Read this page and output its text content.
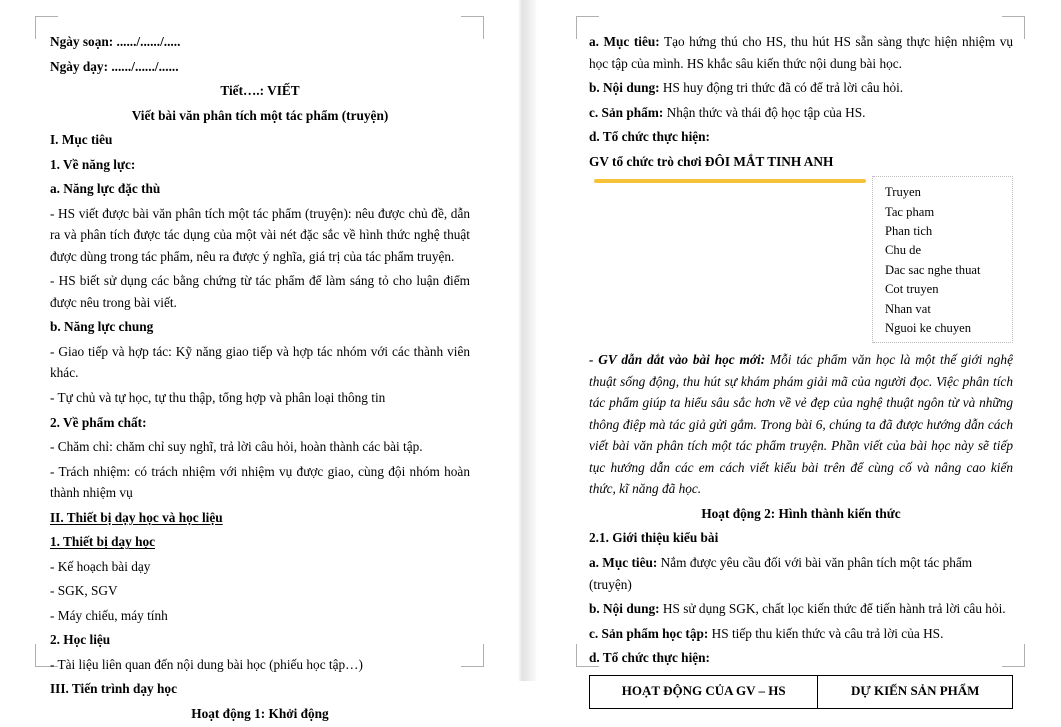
Ngày soạn: ....../....../.....

Ngày dạy: ....../....../......

Tiết….: VIẾT

Viết bài văn phân tích một tác phẩm (truyện)

I. Mục tiêu

1. Về năng lực:

a. Năng lực đặc thù

- HS viết được bài văn phân tích một tác phẩm (truyện): nêu được chủ đề, dẫn ra và phân tích được tác dụng của một vài nét đặc sắc về hình thức nghệ thuật được dùng trong tác phẩm, nêu ra được ý nghĩa, giá trị của tác phẩm truyện.

- HS biết sử dụng các bằng chứng từ tác phẩm để làm sáng tỏ cho luận điểm được nêu trong bài viết.

b. Năng lực chung

- Giao tiếp và hợp tác: Kỹ năng giao tiếp và hợp tác nhóm với các thành viên khác.

- Tự chủ và tự học, tự thu thập, tổng hợp và phân loại thông tin

2. Về phẩm chất:

- Chăm chỉ: chăm chỉ suy nghĩ, trả lời câu hỏi, hoàn thành các bài tập.

- Trách nhiệm: có trách nhiệm với nhiệm vụ được giao, cùng đội nhóm hoàn thành nhiệm vụ

II. Thiết bị dạy học và học liệu

1. Thiết bị dạy học

- Kế hoạch bài dạy

- SGK, SGV

- Máy chiếu, máy tính

2. Học liệu

- Tài liệu liên quan đến nội dung bài học (phiếu học tập…)

III. Tiến trình dạy học

Hoạt động 1: Khởi động

a. Mục tiêu: Tạo hứng thú cho HS, thu hút HS sẵn sàng thực hiện nhiệm vụ học tập của mình. HS khắc sâu kiến thức nội dung bài học.

b. Nội dung: HS huy động tri thức đã có để trả lời câu hỏi.

c. Sản phẩm: Nhận thức và thái độ học tập của HS.

d. Tổ chức thực hiện:

GV tổ chức trò chơi ĐÔI MẮT TINH ANH

Truyen
Tac pham
Phan tich
Chu de
Dac sac nghe thuat
Cot truyen
Nhan vat
Nguoi ke chuyen

- GV dẫn dắt vào bài học mới: Mỗi tác phẩm văn học là một thế giới nghệ thuật sống động, thu hút sự khám phám giải mã của người đọc. Việc phân tích tác phẩm giúp ta hiểu sâu sắc hơn về vẻ đẹp của nghệ thuật ngôn từ và những thông điệp mà tác giả gửi gắm. Trong bài 6, chúng ta đã được hướng dẫn cách viết bài văn phân tích một tác phẩm truyện. Phần viết của bài học này sẽ tiếp tục hướng dẫn các em cách viết kiểu bài trên để cùng cố và nâng cao kiến thức, kĩ năng đã học.

Hoạt động 2: Hình thành kiến thức

2.1. Giới thiệu kiểu bài

a. Mục tiêu: Nắm được yêu cầu đối với bài văn phân tích một tác phẩm (truyện)

b. Nội dung: HS sử dụng SGK, chất lọc kiến thức để tiến hành trả lời câu hỏi.

c. Sản phẩm học tập: HS tiếp thu kiến thức và câu trả lời của HS.

d. Tổ chức thực hiện:

HOẠT ĐỘNG CỦA GV – HS	DỰ KIẾN SẢN PHẨM
